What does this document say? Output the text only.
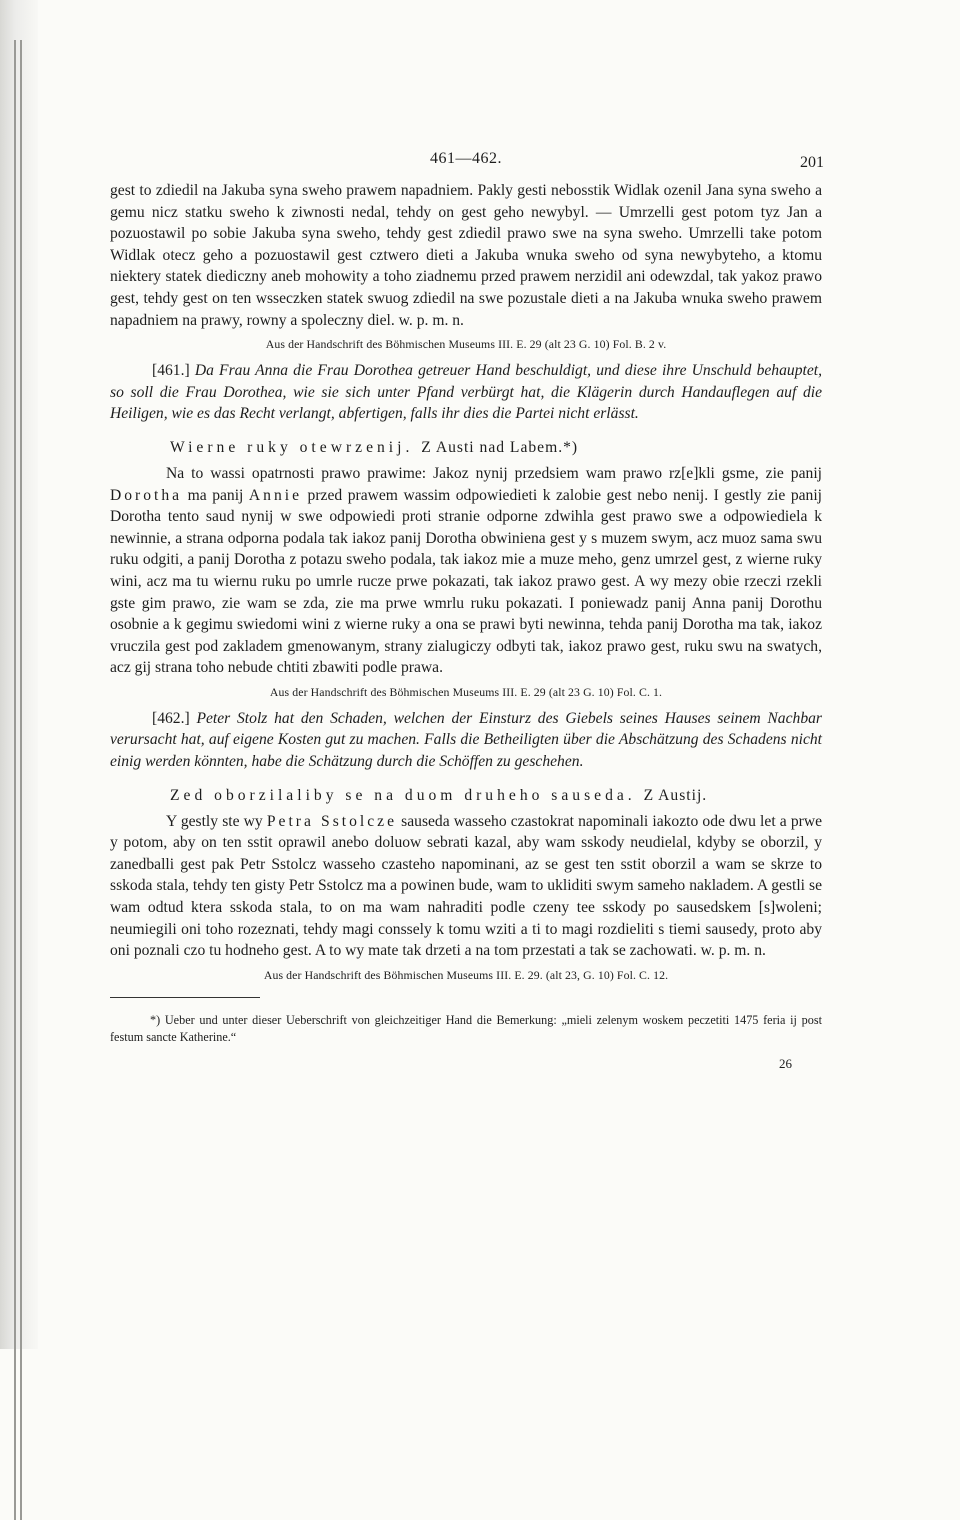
461—462.	201

gest to zdiedil na Jakuba syna sweho prawem napadniem. Pakly gesti nebosstik Widlak ozenil Jana syna sweho a gemu nicz statku sweho k ziwnosti nedal, tehdy on gest geho newybyl. — Umrzelli gest potom tyz Jan a pozuostawil po sobie Jakuba syna sweho, tehdy gest zdiedil prawo swe na syna sweho. Umrzelli take potom Widlak otecz geho a pozuostawil gest cztwero dieti a Jakuba wnuka sweho od syna newybyteho, a ktomu niektery statek diediczny aneb mohowity a toho ziadnemu przed prawem nerzidil ani odewzdal, tak yakoz prawo gest, tehdy gest on ten wsseczken statek swuog zdiedil na swe pozustale dieti a na Jakuba wnuka sweho prawem napadniem na prawy, rowny a spoleczny diel. w. p. m. n.

Aus der Handschrift des Böhmischen Museums III. E. 29 (alt 23 G. 10) Fol. B. 2 v.
[461.] Da Frau Anna die Frau Dorothea getreuer Hand beschuldigt, und diese ihre Unschuld behauptet, so soll die Frau Dorothea, wie sie sich unter Pfand verbürgt hat, die Klägerin durch Handauflegen auf die Heiligen, wie es das Recht verlangt, abfertigen, falls ihr dies die Partei nicht erlässt.
Wierne ruky otewrzenij. Z Austi nad Labem.*)

Na to wassi opatrnosti prawo prawime: Jakoz nynij przedsiem wam prawo rz[e]kli gsme, zie panij Dorotha ma panij Annie przed prawem wassim odpowiedieti k zalobie gest nebo nenij. I gestly zie panij Dorotha tento saud nynij w swe odpowiedi proti stranie odporne zdwihla gest prawo swe a odpowiediela k newinnie, a strana odporna podala tak iakoz panij Dorotha obwiniena gest y s muzem swym, acz muoz sama swu ruku odgiti, a panij Dorotha z potazu sweho podala, tak iakoz mie a muze meho, genz umrzel gest, z wierne ruky wini, acz ma tu wiernu ruku po umrle rucze prwe pokazati, tak iakoz prawo gest. A wy mezy obie rzeczi rzekli gste gim prawo, zie wam se zda, zie ma prwe wmrlu ruku pokazati. I poniewadz panij Anna panij Dorothu osobnie a k gegimu swiedomi wini z wierne ruky a ona se prawi byti newinna, tehda panij Dorotha ma tak, iakoz vruczila gest pod zakladem gmenowanym, strany zialugiczy odbyti tak, iakoz prawo gest, ruku swu na swatych, acz gij strana toho nebude chtiti zbawiti podle prawa.

Aus der Handschrift des Böhmischen Museums III. E. 29 (alt 23 G. 10) Fol. C. 1.
[462.] Peter Stolz hat den Schaden, welchen der Einsturz des Giebels seines Hauses seinem Nachbar verursacht hat, auf eigene Kosten gut zu machen. Falls die Betheiligten über die Abschätzung des Schadens nicht einig werden könnten, habe die Schätzung durch die Schöffen zu geschehen.
Zed oborzilaliby se na duom druheho sauseda. Z Austij.

Y gestly ste wy Petra Sstolcze sauseda wasseho czastokrat napominali iakozto ode dwu let a prwe y potom, aby on ten sstit oprawil anebo doluow sebrati kazal, aby wam sskody neudielal, kdyby se oborzil, y zanedballi gest pak Petr Sstolcz wasseho czasteho napominani, az se gest ten sstit oborzil a wam se skrze to sskoda stala, tehdy ten gisty Petr Sstolcz ma a powinen bude, wam to ukliditi swym sameho nakladem. A gestli se wam odtud ktera sskoda stala, to on ma wam nahraditi podle czeny tee sskody po sausedskem [s]woleni; neumiegili oni toho rozeznati, tehdy magi conssely k tomu wziti a ti to magi rozdieliti s tiemi sausedy, proto aby oni poznali czo tu hodneho gest. A to wy mate tak drzeti a na tom przestati a tak se zachowati. w. p. m. n.

Aus der Handschrift des Böhmischen Museums III. E. 29. (alt 23, G. 10) Fol. C. 12.
*) Ueber und unter dieser Ueberschrift von gleichzeitiger Hand die Bemerkung: „mieli zelenym woskem peczetiti 1475 feria ij post festum sancte Katherine.“
26
